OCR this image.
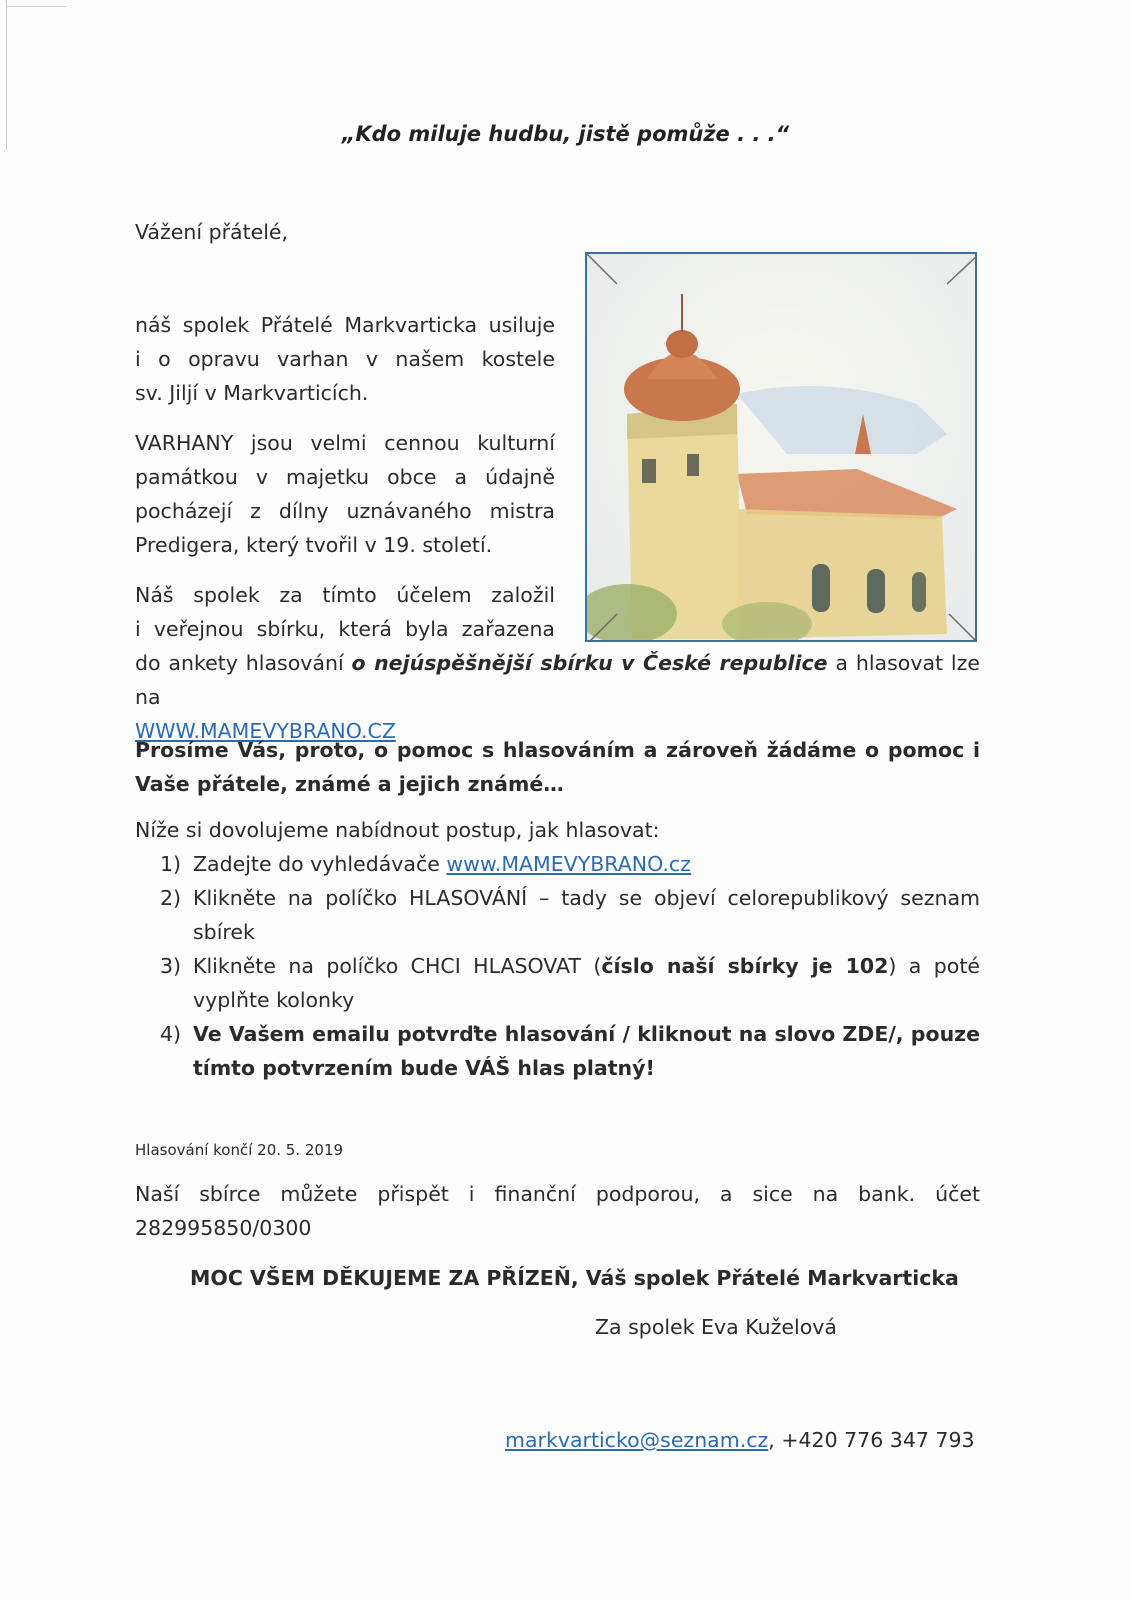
„Kdo miluje hudbu, jistě pomůže . . .“

Vážení přátelé,

náš spolek Přátelé Markvarticka usiluje
i o opravu varhan v našem kostele
sv. Jiljí v Markvarticích.
VARHANY jsou velmi cennou kulturní
památkou v majetku obce a údajně
pocházejí z dílny uznávaného mistra
Predigera, který tvořil v 19. století.
Náš spolek za tímto účelem založil
i veřejnou sbírku, která byla zařazena
do ankety hlasování o nejúspěšnější sbírku v České republice a hlasovat lze na
WWW.MAMEVYBRANO.CZ
Prosíme Vás, proto, o pomoc s hlasováním a zároveň žádáme o pomoc i Vaše přátele, známé a jejich známé…
Níže si dovolujeme nabídnout postup, jak hlasovat:
1) Zadejte do vyhledávače www.MAMEVYBRANO.cz
2) Klikněte na políčko HLASOVÁNÍ – tady se objeví celorepublikový seznam sbírek
3) Klikněte na políčko CHCI HLASOVAT (číslo naší sbírky je 102) a poté vyplňte kolonky
4) Ve Vašem emailu potvrďte hlasování / kliknout na slovo ZDE/, pouze tímto potvrzením bude VÁŠ hlas platný!
Hlasování končí 20. 5. 2019
Naší sbírce můžete přispět i finanční podporou, a sice na bank. účet
282995850/0300
MOC VŠEM DĚKUJEME ZA PŘÍZEŇ, Váš spolek Přátelé Markvarticka
Za spolek Eva Kuželová
markvarticko@seznam.cz, +420 776 347 793
